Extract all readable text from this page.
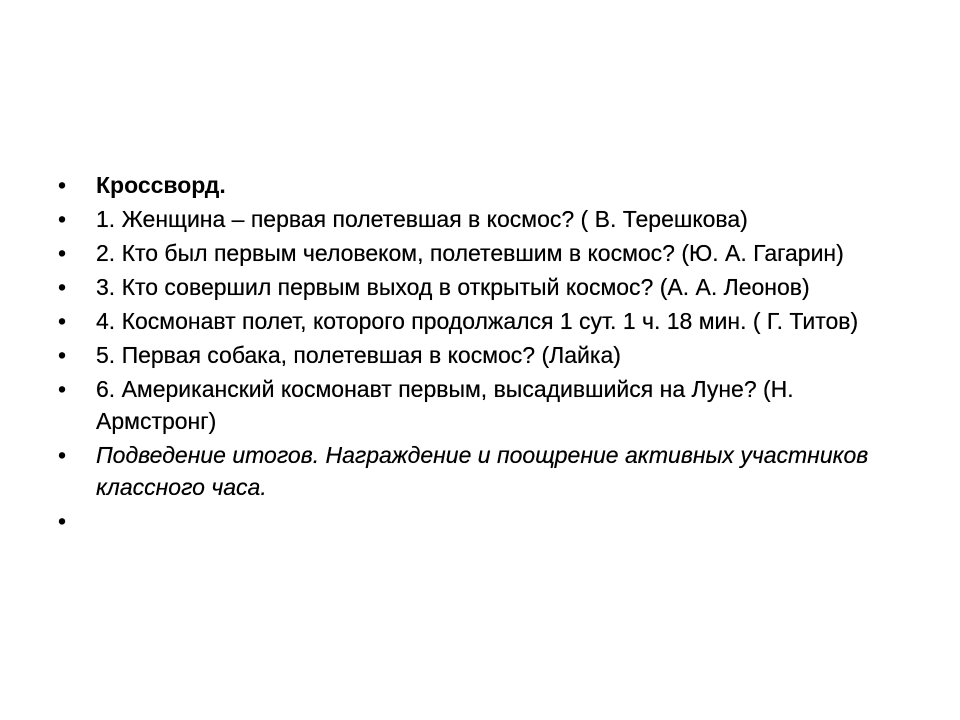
• Кроссворд.
• 1. Женщина – первая полетевшая в космос? ( В. Терешкова)
• 2. Кто был первым человеком, полетевшим в космос? (Ю. А. Гагарин)
• 3. Кто совершил первым выход в открытый космос? (А. А. Леонов)
• 4. Космонавт полет, которого продолжался 1 сут. 1 ч. 18 мин. ( Г. Титов)
• 5. Первая собака, полетевшая в космос? (Лайка)
• 6. Американский космонавт первым, высадившийся на Луне? (Н. Армстронг)
• Подведение итогов. Награждение и поощрение активных участников классного часа.
•
